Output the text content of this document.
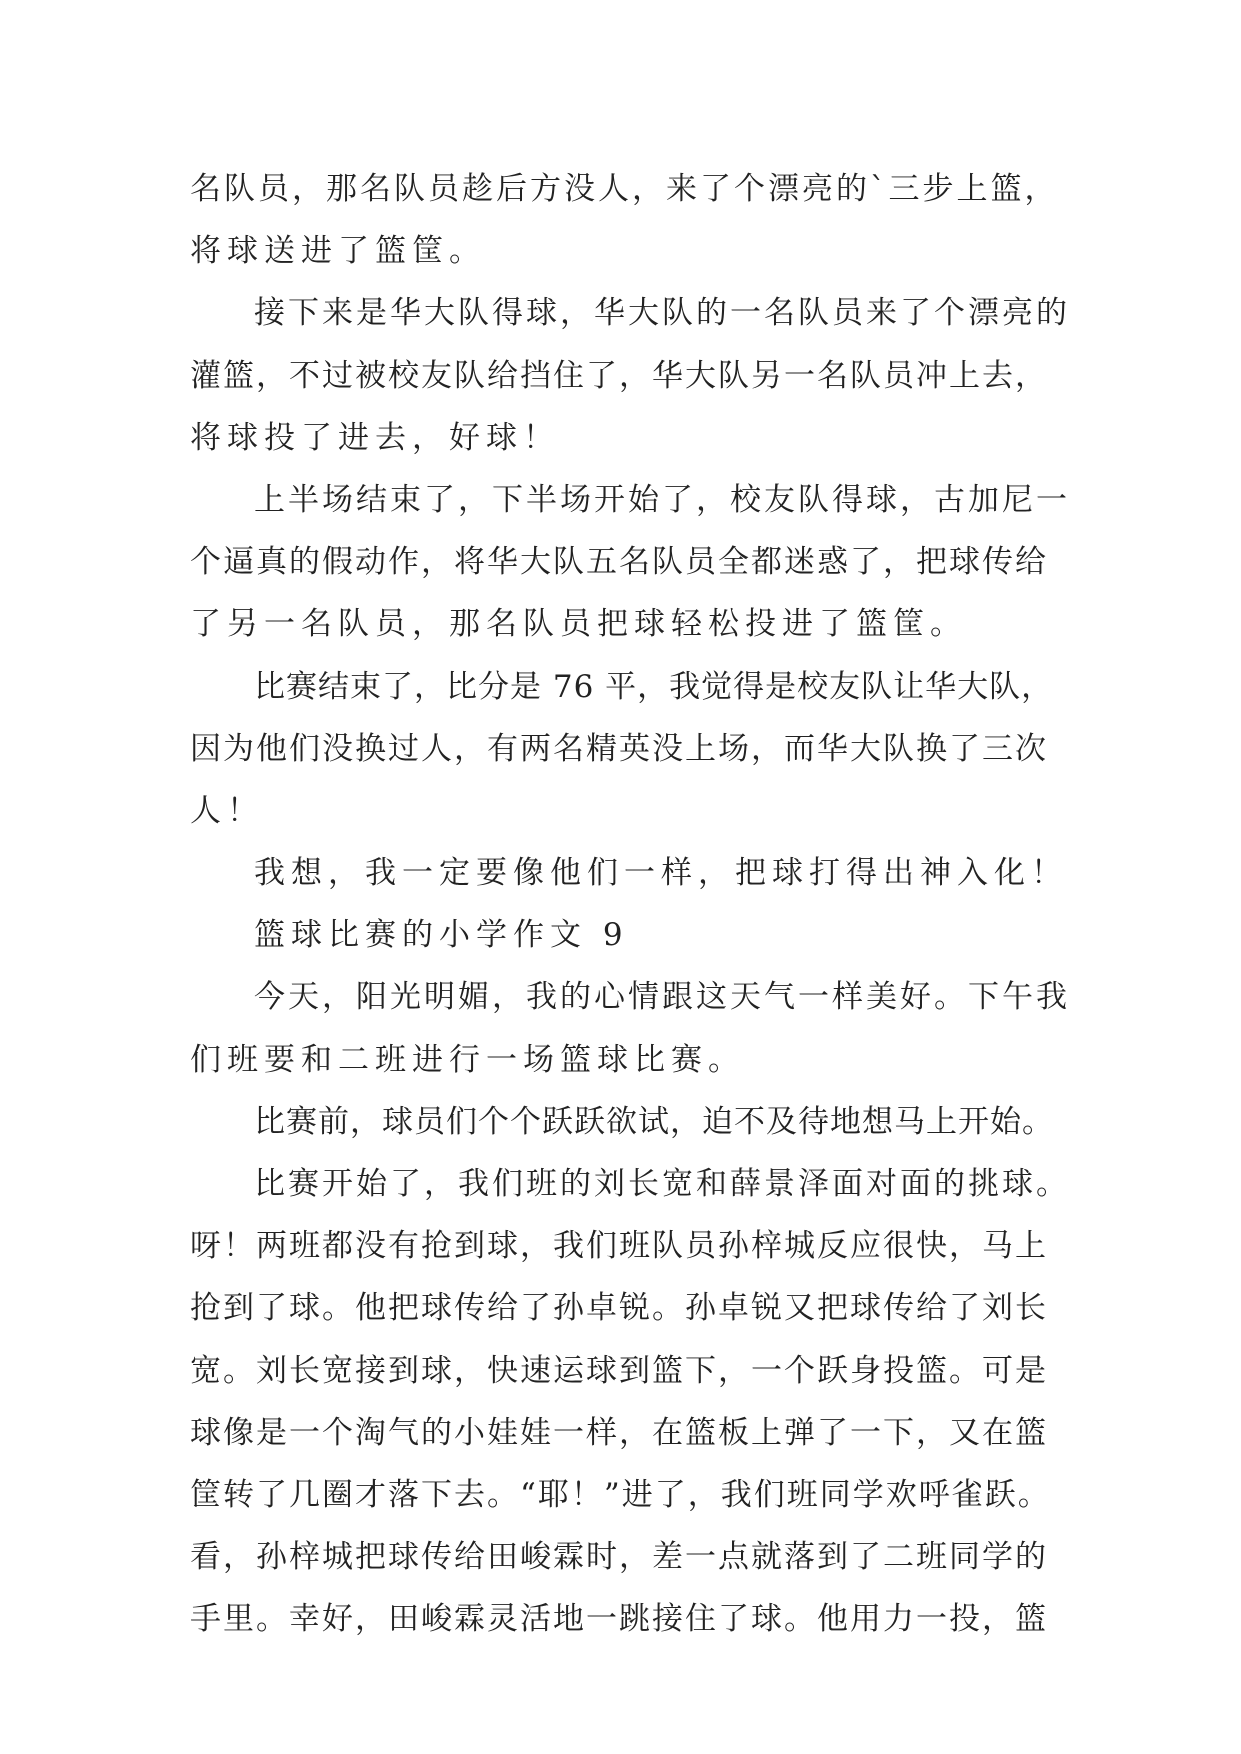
名队员，那名队员趁后方没人，来了个漂亮的`三步上篮，
将球送进了篮筐。
接下来是华大队得球，华大队的一名队员来了个漂亮的
灌篮，不过被校友队给挡住了，华大队另一名队员冲上去，
将球投了进去，好球！
上半场结束了，下半场开始了，校友队得球，古加尼一
个逼真的假动作，将华大队五名队员全都迷惑了，把球传给
了另一名队员，那名队员把球轻松投进了篮筐。
比赛结束了，比分是 76 平，我觉得是校友队让华大队，
因为他们没换过人，有两名精英没上场，而华大队换了三次
人！
我想，我一定要像他们一样，把球打得出神入化！
篮球比赛的小学作文 9
今天，阳光明媚，我的心情跟这天气一样美好。下午我
们班要和二班进行一场篮球比赛。
比赛前，球员们个个跃跃欲试，迫不及待地想马上开始。
比赛开始了，我们班的刘长宽和薛景泽面对面的挑球。
呀！两班都没有抢到球，我们班队员孙梓城反应很快，马上
抢到了球。他把球传给了孙卓锐。孙卓锐又把球传给了刘长
宽。刘长宽接到球，快速运球到篮下，一个跃身投篮。可是
球像是一个淘气的小娃娃一样，在篮板上弹了一下，又在篮
筐转了几圈才落下去。“耶！”进了，我们班同学欢呼雀跃。
看，孙梓城把球传给田峻霖时，差一点就落到了二班同学的
手里。幸好，田峻霖灵活地一跳接住了球。他用力一投，篮
